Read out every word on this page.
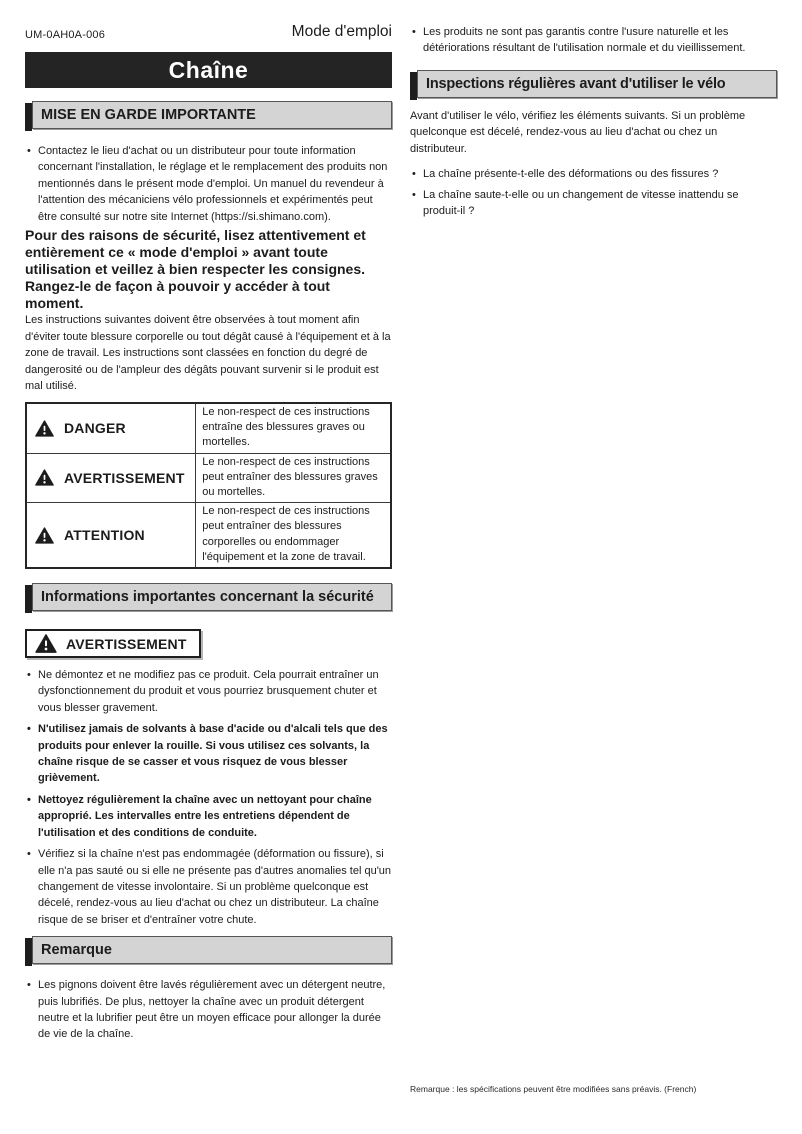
UM-0AH0A-006	Mode d'emploi
Chaîne
MISE EN GARDE IMPORTANTE
• Contactez le lieu d'achat ou un distributeur pour toute information concernant l'installation, le réglage et le remplacement des produits non mentionnés dans le présent mode d'emploi. Un manuel du revendeur à l'attention des mécaniciens vélo professionnels et expérimentés peut être consulté sur notre site Internet (https://si.shimano.com).
Pour des raisons de sécurité, lisez attentivement et entièrement ce « mode d'emploi » avant toute utilisation et veillez à bien respecter les consignes. Rangez-le de façon à pouvoir y accéder à tout moment.
Les instructions suivantes doivent être observées à tout moment afin d'éviter toute blessure corporelle ou tout dégât causé à l'équipement et à la zone de travail. Les instructions sont classées en fonction du degré de dangerosité ou de l'ampleur des dégâts pouvant survenir si le produit est mal utilisé.
DANGER	Le non-respect de ces instructions entraîne des blessures graves ou mortelles.

AVERTISSEMENT	Le non-respect de ces instructions peut entraîner des blessures graves ou mortelles.

ATTENTION	Le non-respect de ces instructions peut entraîner des blessures corporelles ou endommager l'équipement et la zone de travail.
Informations importantes concernant la sécurité
AVERTISSEMENT
• Ne démontez et ne modifiez pas ce produit. Cela pourrait entraîner un dysfonctionnement du produit et vous pourriez brusquement chuter et vous blesser gravement.
• N'utilisez jamais de solvants à base d'acide ou d'alcali tels que des produits pour enlever la rouille. Si vous utilisez ces solvants, la chaîne risque de se casser et vous risquez de vous blesser grièvement.
• Nettoyez régulièrement la chaîne avec un nettoyant pour chaîne approprié. Les intervalles entre les entretiens dépendent de l'utilisation et des conditions de conduite.
• Vérifiez si la chaîne n'est pas endommagée (déformation ou fissure), si elle n'a pas sauté ou si elle ne présente pas d'autres anomalies tel qu'un changement de vitesse involontaire. Si un problème quelconque est décelé, rendez-vous au lieu d'achat ou chez un distributeur. La chaîne risque de se briser et d'entraîner votre chute.
Remarque
• Les pignons doivent être lavés régulièrement avec un détergent neutre, puis lubrifiés. De plus, nettoyer la chaîne avec un produit détergent neutre et la lubrifier peut être un moyen efficace pour allonger la durée de vie de la chaîne.
• Les produits ne sont pas garantis contre l'usure naturelle et les détériorations résultant de l'utilisation normale et du vieillissement.
Inspections régulières avant d'utiliser le vélo
Avant d'utiliser le vélo, vérifiez les éléments suivants. Si un problème quelconque est décelé, rendez-vous au lieu d'achat ou chez un distributeur.
• La chaîne présente-t-elle des déformations ou des fissures ?
• La chaîne saute-t-elle ou un changement de vitesse inattendu se produit-il ?
Remarque : les spécifications peuvent être modifiées sans préavis. (French)
